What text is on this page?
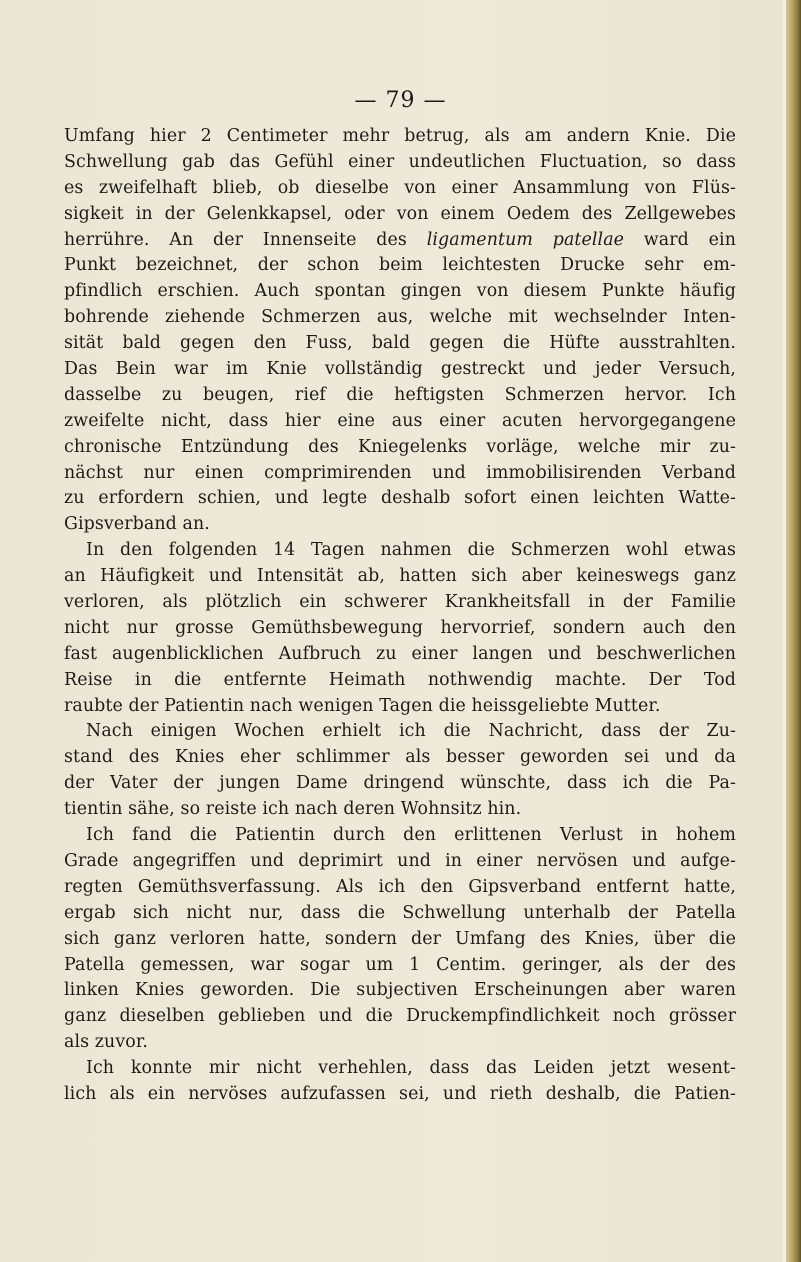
— 79 —
Umfang hier 2 Centimeter mehr betrug, als am andern Knie. Die
Schwellung gab das Gefühl einer undeutlichen Fluctuation, so dass
es zweifelhaft blieb, ob dieselbe von einer Ansammlung von Flüs-
sigkeit in der Gelenkkapsel, oder von einem Oedem des Zellgewebes
herrühre. An der Innenseite des ligamentum patellae ward ein
Punkt bezeichnet, der schon beim leichtesten Drucke sehr em-
pfindlich erschien. Auch spontan gingen von diesem Punkte häufig
bohrende ziehende Schmerzen aus, welche mit wechselnder Inten-
sität bald gegen den Fuss, bald gegen die Hüfte ausstrahlten.
Das Bein war im Knie vollständig gestreckt und jeder Versuch,
dasselbe zu beugen, rief die heftigsten Schmerzen hervor. Ich
zweifelte nicht, dass hier eine aus einer acuten hervorgegangene
chronische Entzündung des Kniegelenks vorläge, welche mir zu-
nächst nur einen comprimirenden und immobilisirenden Verband
zu erfordern schien, und legte deshalb sofort einen leichten Watte-
Gipsverband an.
In den folgenden 14 Tagen nahmen die Schmerzen wohl etwas
an Häufigkeit und Intensität ab, hatten sich aber keineswegs ganz
verloren, als plötzlich ein schwerer Krankheitsfall in der Familie
nicht nur grosse Gemüthsbewegung hervorrief, sondern auch den
fast augenblicklichen Aufbruch zu einer langen und beschwerlichen
Reise in die entfernte Heimath nothwendig machte. Der Tod
raubte der Patientin nach wenigen Tagen die heissgeliebte Mutter.
Nach einigen Wochen erhielt ich die Nachricht, dass der Zu-
stand des Knies eher schlimmer als besser geworden sei und da
der Vater der jungen Dame dringend wünschte, dass ich die Pa-
tientin sähe, so reiste ich nach deren Wohnsitz hin.
Ich fand die Patientin durch den erlittenen Verlust in hohem
Grade angegriffen und deprimirt und in einer nervösen und aufge-
regten Gemüthsverfassung. Als ich den Gipsverband entfernt hatte,
ergab sich nicht nur, dass die Schwellung unterhalb der Patella
sich ganz verloren hatte, sondern der Umfang des Knies, über die
Patella gemessen, war sogar um 1 Centim. geringer, als der des
linken Knies geworden. Die subjectiven Erscheinungen aber waren
ganz dieselben geblieben und die Druckempfindlichkeit noch grösser
als zuvor.
Ich konnte mir nicht verhehlen, dass das Leiden jetzt wesent-
lich als ein nervöses aufzufassen sei, und rieth deshalb, die Patien-
